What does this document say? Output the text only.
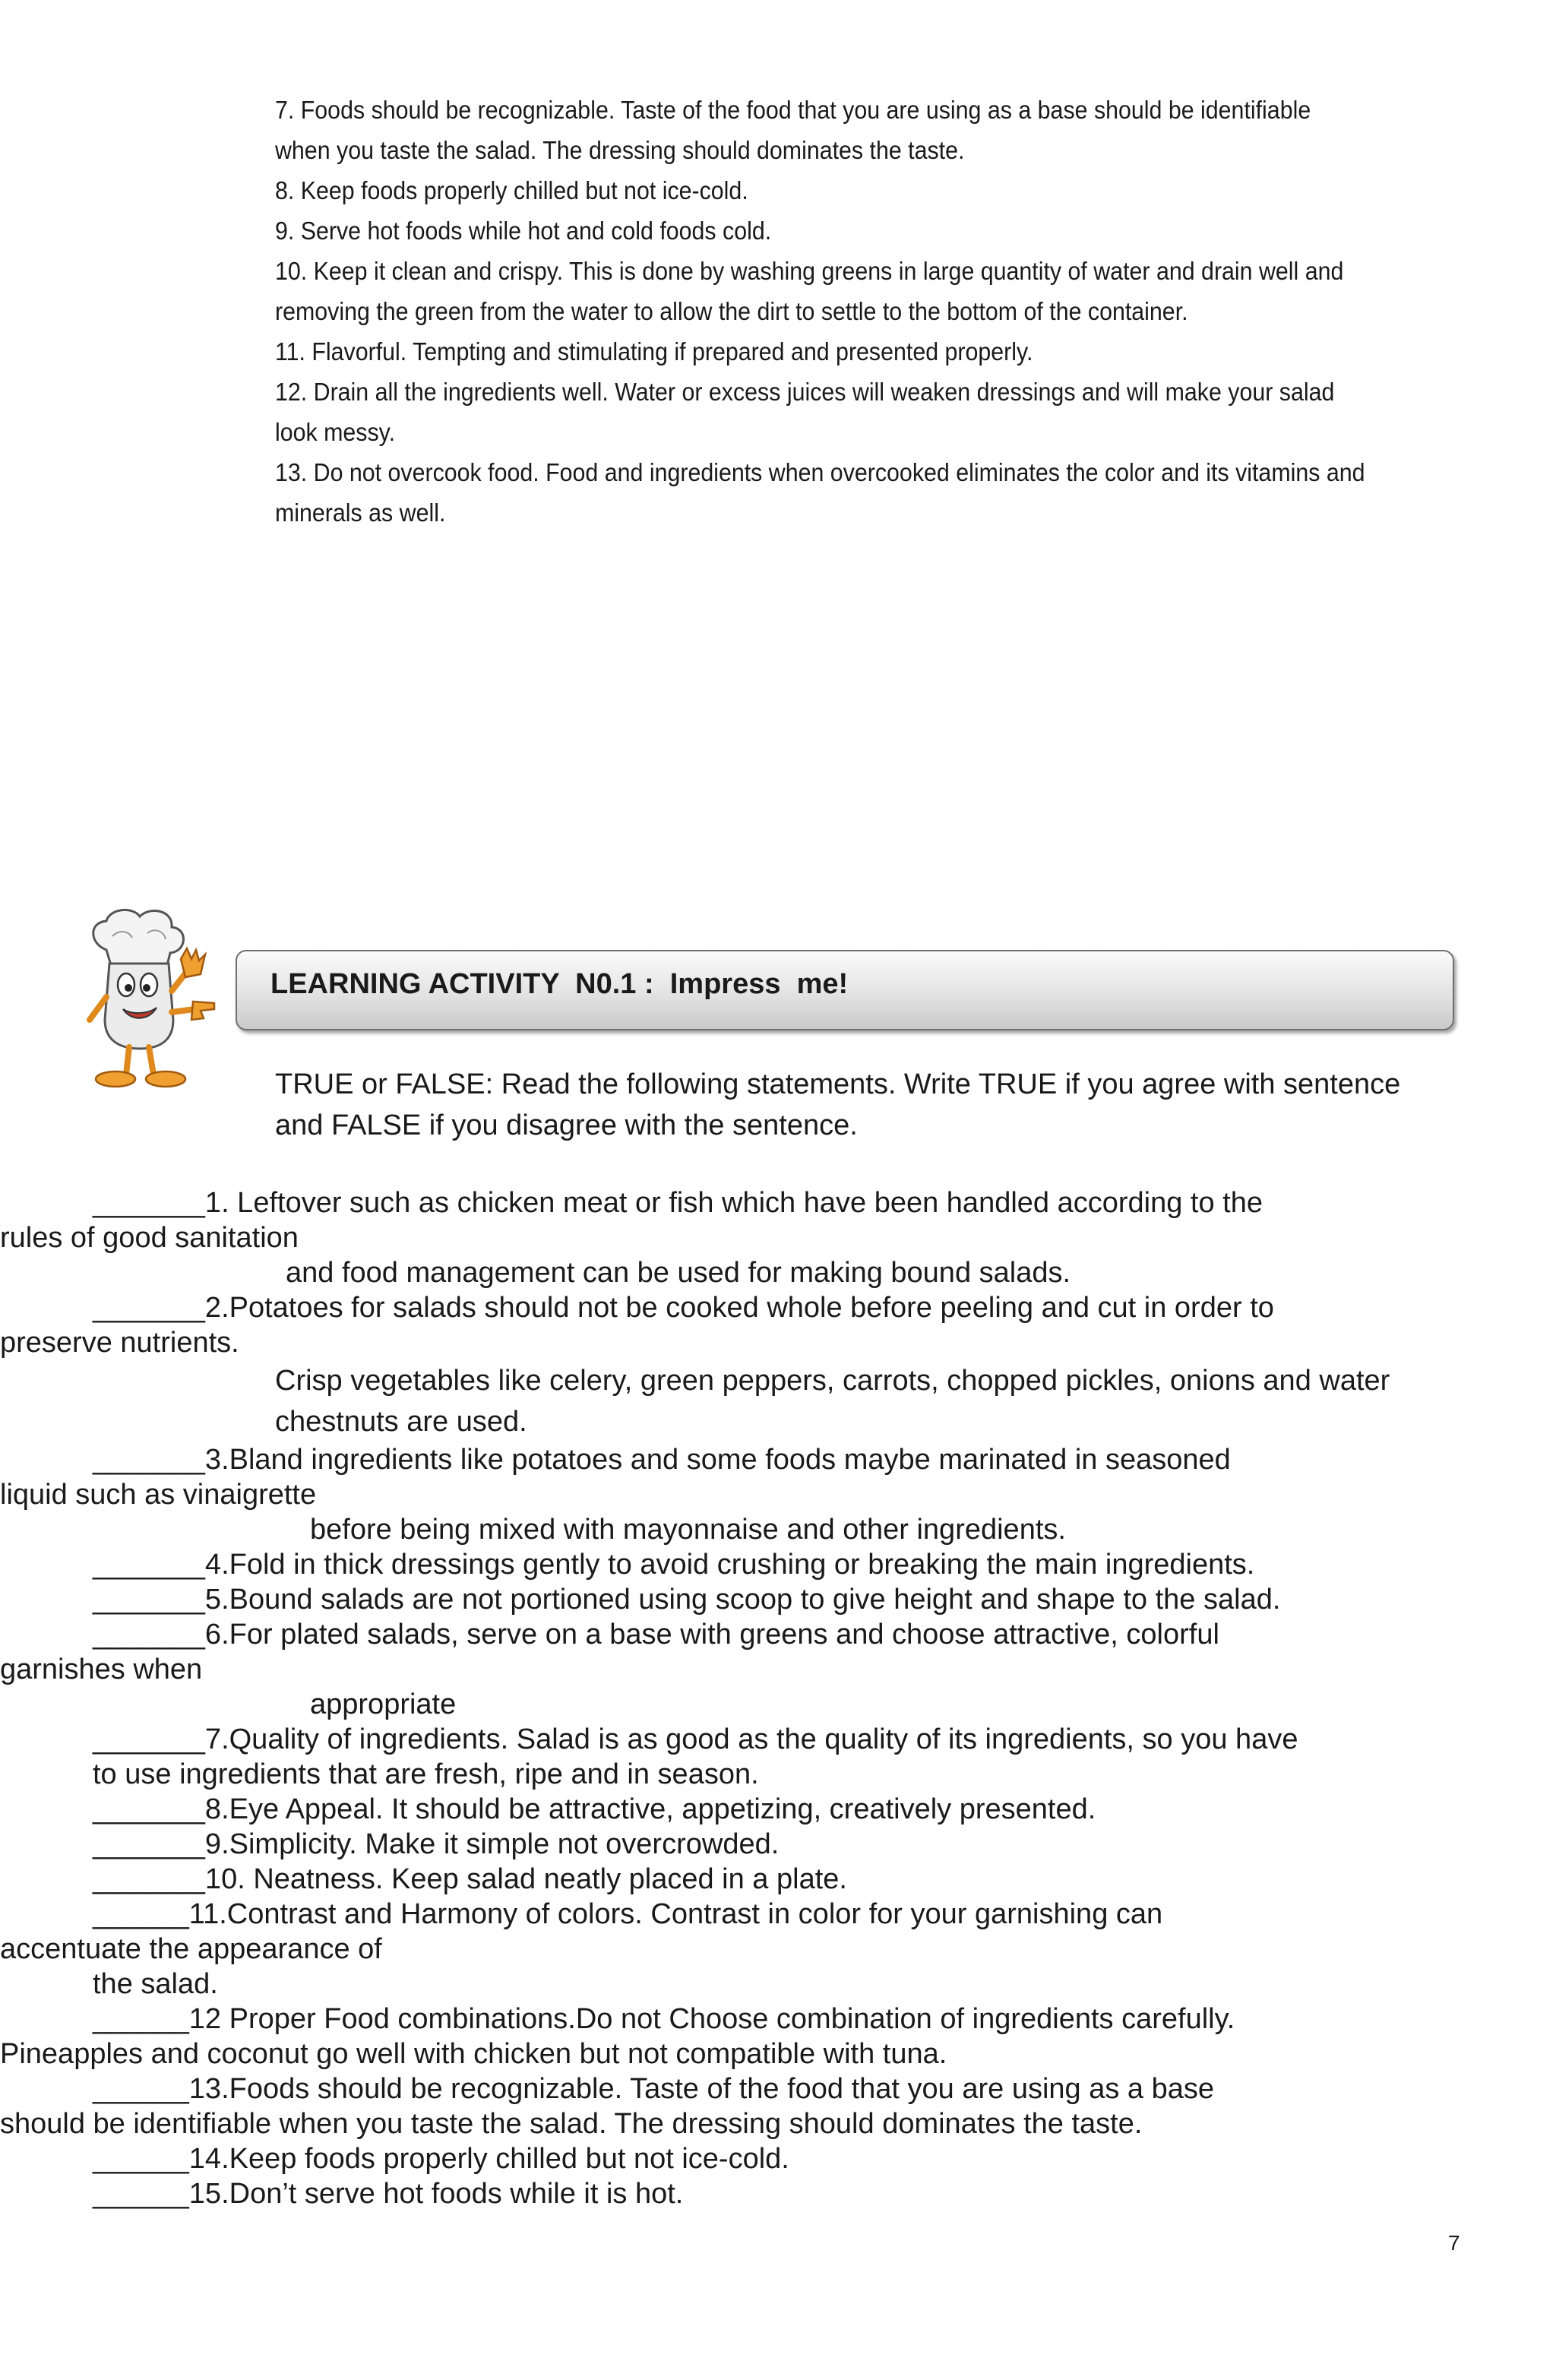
7. Foods should be recognizable. Taste of the food that you are using as a base should be identifiable

when you taste the salad. The dressing should dominates the taste.

8. Keep foods properly chilled but not ice-cold.

9. Serve hot foods while hot and cold foods cold.

10. Keep it clean and crispy. This is done by washing greens in large quantity of water and drain well and

removing the green from the water to allow the dirt to settle to the bottom of the container.

11. Flavorful. Tempting and stimulating if prepared and presented properly.

12. Drain all the ingredients well. Water or excess juices will weaken dressings and will make your salad

look messy.

13. Do not overcook food. Food and ingredients when overcooked eliminates the color and its vitamins and

minerals as well.

LEARNING ACTIVITY  N0.1 :  Impress  me!

TRUE or FALSE: Read the following statements. Write TRUE if you agree with sentence and FALSE if you disagree with the sentence.

_______1. Leftover such as chicken meat or fish which have been handled according to the

rules of good sanitation

and food management can be used for making bound salads.

_______2.Potatoes for salads should not be cooked whole before peeling and cut in order to

preserve nutrients.

Crisp vegetables like celery, green peppers, carrots, chopped pickles, onions and water chestnuts are used.

_______3.Bland ingredients like potatoes and some foods maybe marinated in seasoned

liquid such as vinaigrette

before being mixed with mayonnaise and other ingredients.

_______4.Fold in thick dressings gently to avoid crushing or breaking the main ingredients.

_______5.Bound salads are not portioned using scoop to give height and shape to the salad.

_______6.For plated salads, serve on a base with greens and choose attractive, colorful

garnishes when

appropriate

_______7.Quality of ingredients. Salad is as good as the quality of its ingredients, so you have

to use ingredients that are fresh, ripe and in season.

_______8.Eye Appeal. It should be attractive, appetizing, creatively presented.

_______9.Simplicity. Make it simple not overcrowded.

_______10. Neatness. Keep salad neatly placed in a plate.

______11.Contrast and Harmony of colors. Contrast in color for your garnishing can

accentuate the appearance of

the salad.

______12 Proper Food combinations.Do not Choose combination of ingredients carefully.

Pineapples and coconut go well with chicken but not compatible with tuna.

______13.Foods should be recognizable. Taste of the food that you are using as a base

should be identifiable when you taste the salad. The dressing should dominates the taste.

______14.Keep foods properly chilled but not ice-cold.

______15.Don’t serve hot foods while it is hot.

7
